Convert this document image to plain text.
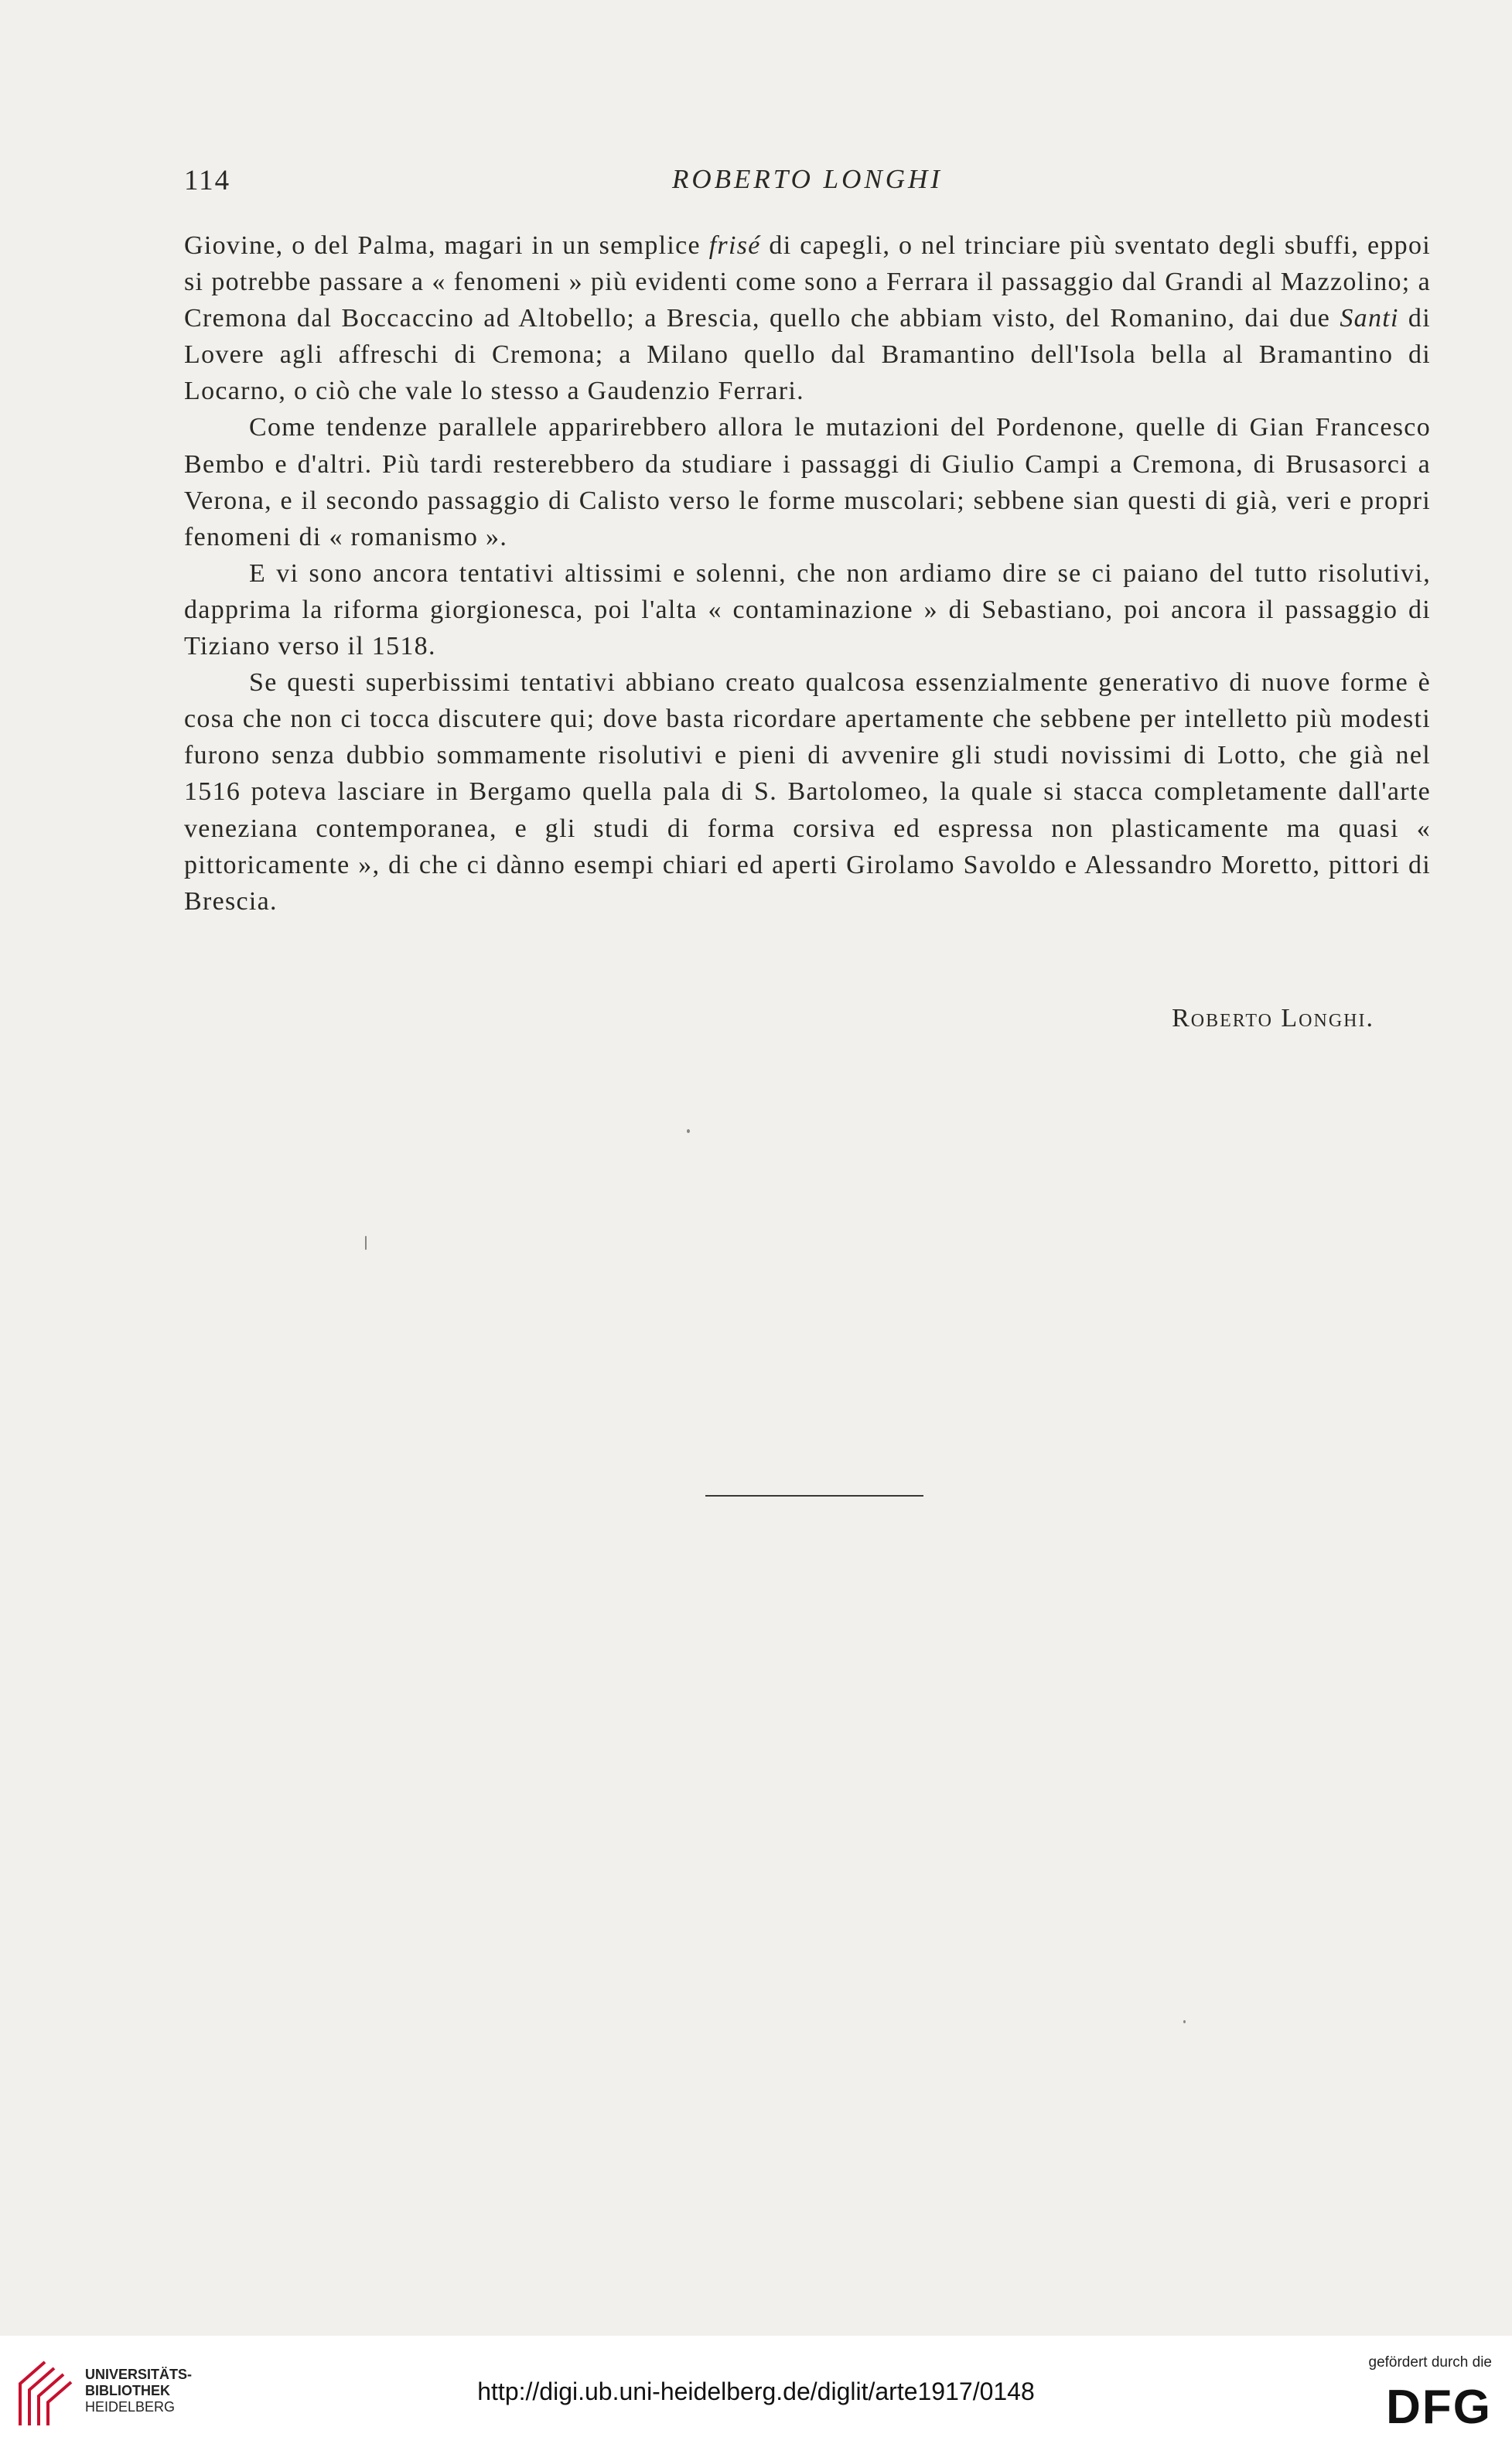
114	ROBERTO LONGHI

Giovine, o del Palma, magari in un semplice frisé di capegli, o nel trinciare più sventato degli sbuffi, eppoi si potrebbe passare a « fenomeni » più evidenti come sono a Ferrara il passaggio dal Grandi al Mazzolino; a Cremona dal Boccaccino ad Altobello; a Brescia, quello che abbiam visto, del Romanino, dai due Santi di Lovere agli affreschi di Cremona; a Milano quello dal Bramantino dell'Isola bella al Bramantino di Locarno, o ciò che vale lo stesso a Gaudenzio Ferrari.

Come tendenze parallele apparirebbero allora le mutazioni del Pordenone, quelle di Gian Francesco Bembo e d'altri. Più tardi resterebbero da studiare i passaggi di Giulio Campi a Cremona, di Brusasorci a Verona, e il secondo passaggio di Calisto verso le forme muscolari; sebbene sian questi di già, veri e propri fenomeni di « romanismo ».

E vi sono ancora tentativi altissimi e solenni, che non ardiamo dire se ci paiano del tutto risolutivi, dapprima la riforma giorgionesca, poi l'alta « contaminazione » di Sebastiano, poi ancora il passaggio di Tiziano verso il 1518.

Se questi superbissimi tentativi abbiano creato qualcosa essenzialmente generativo di nuove forme è cosa che non ci tocca discutere qui; dove basta ricordare apertamente che sebbene per intelletto più modesti furono senza dubbio sommamente risolutivi e pieni di avvenire gli studi novissimi di Lotto, che già nel 1516 poteva lasciare in Bergamo quella pala di S. Bartolomeo, la quale si stacca completamente dall'arte veneziana contemporanea, e gli studi di forma corsiva ed espressa non plasticamente ma quasi « pittoricamente », di che ci dànno esempi chiari ed aperti Girolamo Savoldo e Alessandro Moretto, pittori di Brescia.

Roberto Longhi.
UNIVERSITÄTS-
BIBLIOTHEK
HEIDELBERG
http://digi.ub.uni-heidelberg.de/diglit/arte1917/0148
gefördert durch die
DFG
